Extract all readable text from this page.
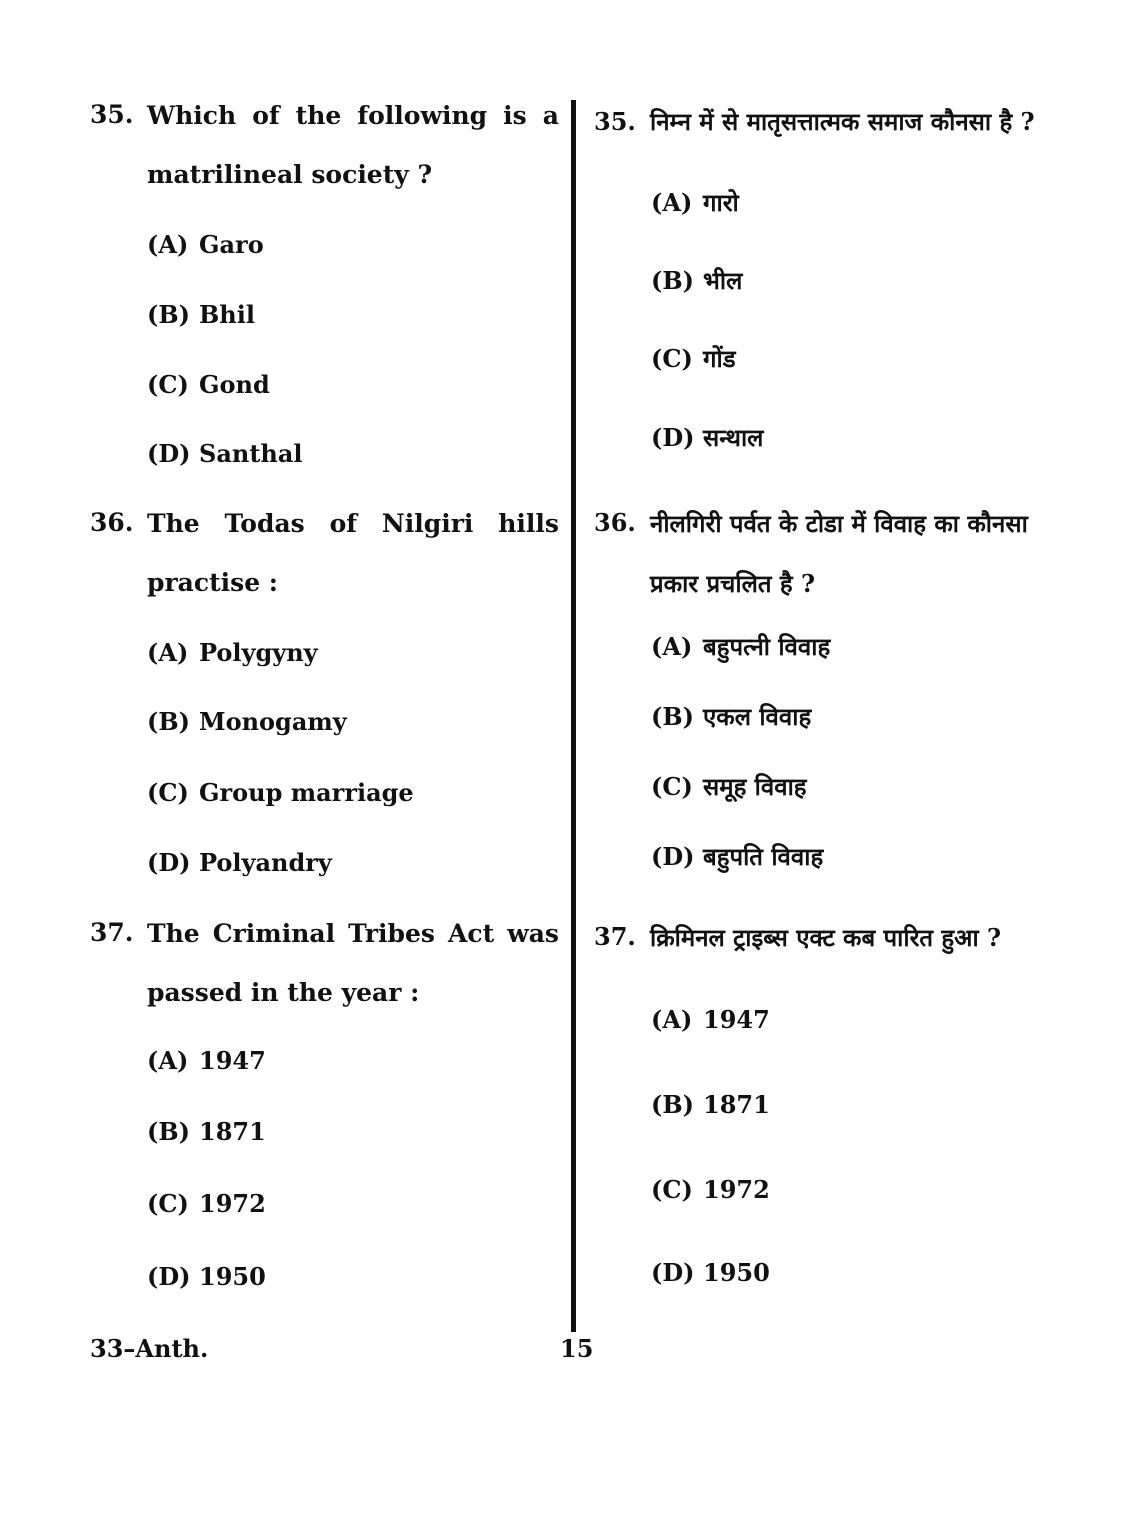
35. Which of the following is a matrilineal society ?
(A) Garo
(B) Bhil
(C) Gond
(D) Santhal
36. The Todas of Nilgiri hills practise :
(A) Polygyny
(B) Monogamy
(C) Group marriage
(D) Polyandry
37. The Criminal Tribes Act was passed in the year :
(A) 1947
(B) 1871
(C) 1972
(D) 1950
35. निम्न में से मातृसत्तात्मक समाज कौनसा है ?
(A) गारो
(B) भील
(C) गोंड
(D) सन्थाल
36. नीलगिरी पर्वत के टोडा में विवाह का कौनसा प्रकार प्रचलित है ?
(A) बहुपत्नी विवाह
(B) एकल विवाह
(C) समूह विवाह
(D) बहुपति विवाह
37. क्रिमिनल ट्राइब्स एक्ट कब पारित हुआ ?
(A) 1947
(B) 1871
(C) 1972
(D) 1950
33–Anth.	15
